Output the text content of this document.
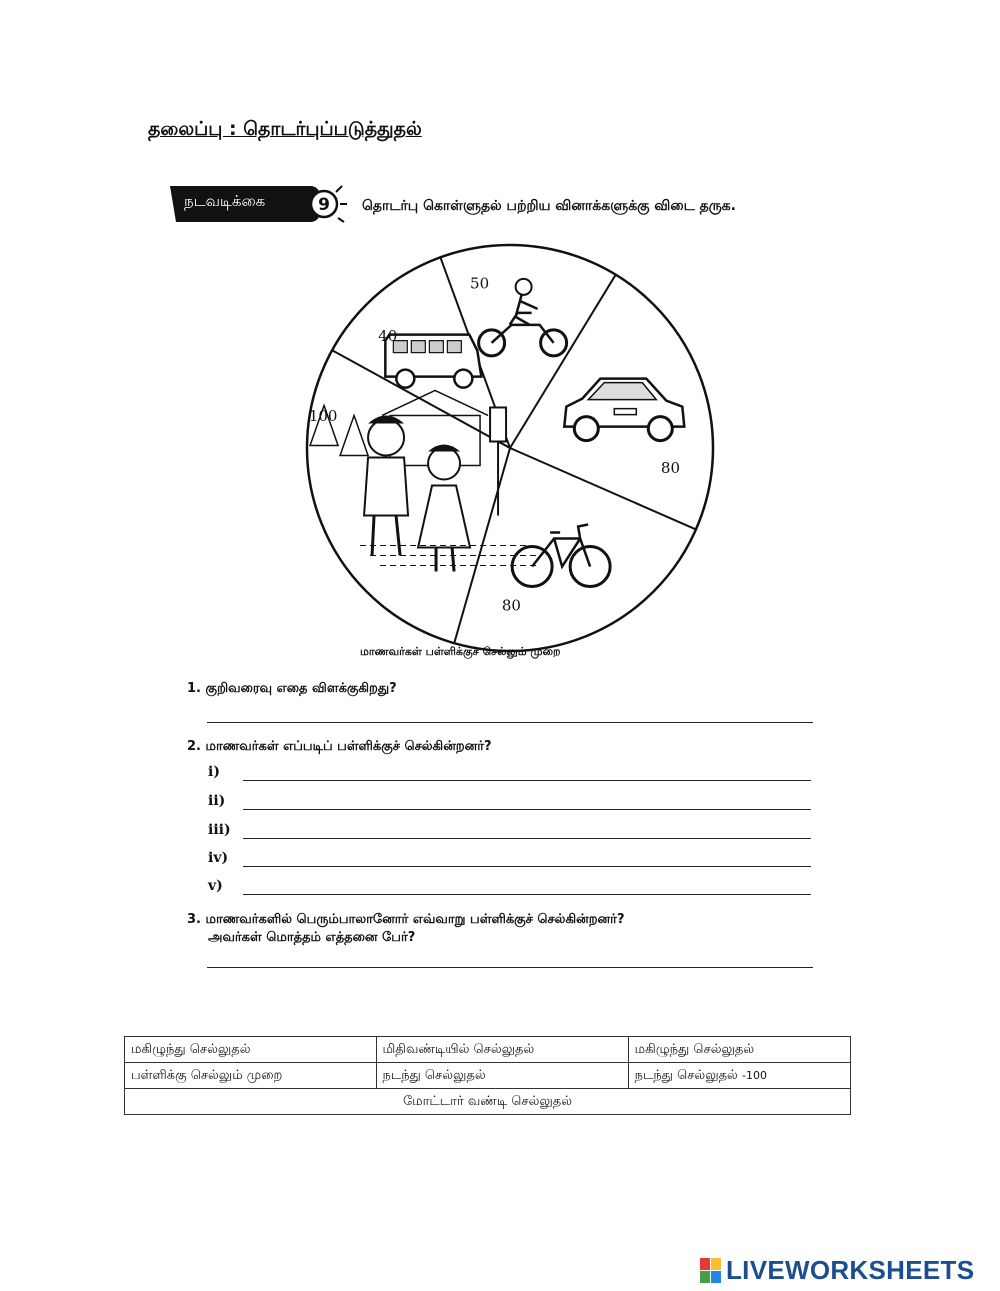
தலைப்பு : தொடர்புப்படுத்துதல்
9
நடவடிக்கை	தொடர்பு கொள்ளுதல் பற்றிய வினாக்களுக்கு விடை தருக.
50
80
80
100
40
மாணவர்கள் பள்ளிக்குச் செல்லும் முறை
1. குறிவரைவு எதை விளக்குகிறது?
2. மாணவர்கள் எப்படிப் பள்ளிக்குச் செல்கின்றனர்?
i)
ii)
iii)
iv)
v)
3. மாணவர்களில் பெரும்பாலானோர் எவ்வாறு பள்ளிக்குச் செல்கின்றனர்?
அவர்கள் மொத்தம் எத்தனை பேர்?
மகிழுந்து செல்லுதல்	மிதிவண்டியில் செல்லுதல்	மகிழுந்து செல்லுதல்
பள்ளிக்கு செல்லும் முறை	நடந்து செல்லுதல்	நடந்து செல்லுதல் -100
மோட்டார் வண்டி செல்லுதல்		
LIVEWORKSHEETS
